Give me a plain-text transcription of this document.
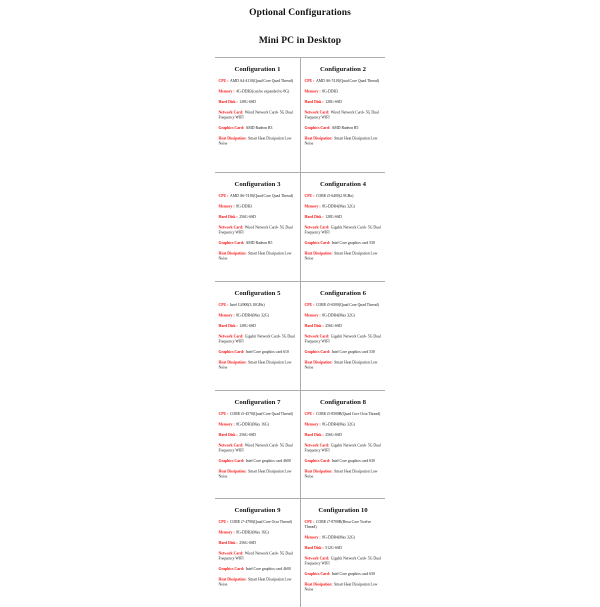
Optional Configurations
Mini PC in Desktop
Configuration 1
CPU : AMD A4-4110(Quad Core Quad Thread)
Memory : 4G-DDR3(can be expanded to 8G)
Hard Disk : 128G-SSD
Network Card: Wired Network Card+ 5G Dual Frequency WIFI
Graphics Card: AMD Radeon R3
Heat Dissipation: Smart Heat Dissipation Low Noise
Configuration 2
CPU : AMD A6-7410(Quad Core Quad Thread)
Memory : 8G-DDR3
Hard Disk : 128G-SSD
Network Card: Wired Network Card+ 5G Dual Frequency WIFI
Graphics Card: AMD Radeon R5
Heat Dissipation: Smart Heat Dissipation Low Noise
Configuration 3
CPU : AMD A6-7410(Quad Core Quad Thread)
Memory : 8G-DDR3
Hard Disk : 256G-SSD
Network Card: Wired Network Card+ 5G Dual Frequency WIFI
Graphics Card: AMD Radeon R5
Heat Dissipation: Smart Heat Dissipation Low Noise
Configuration 4
CPU : CORE i5-6400(2.9GHz)
Memory : 8G-DDR4(Max 32G)
Hard Disk : 128G-SSD
Network Card: Gigabit Network Card+ 5G Dual Frequency WIFI
Graphics Card: Intel Core graphics card 530
Heat Dissipation: Smart Heat Dissipation Low Noise
Configuration 5
CPU : Intel G4900(3.10GHz)
Memory : 8G-DDR4(Max 32G)
Hard Disk : 128G-SSD
Network Card: Gigabit Network Card+ 5G Dual Frequency WIFI
Graphics Card: Intel Core graphics card 610
Heat Dissipation: Smart Heat Dissipation Low Noise
Configuration 6
CPU : CORE i5-6500(Quad Core Quad Thread)
Memory : 8G-DDR4(Max 32G)
Hard Disk : 256G-SSD
Network Card: Gigabit Network Card+ 5G Dual Frequency WIFI
Graphics Card: Intel Core graphics card 530
Heat Dissipation: Smart Heat Dissipation Low Noise
Configuration 7
CPU : CORE i5-4570(Quad Core Quad Thread)
Memory : 8G-DDR3(Max 16G)
Hard Disk : 256G-SSD
Network Card: Wired Network Card+ 5G Dual Frequency WIFI
Graphics Card: Intel Core graphics card 4600
Heat Dissipation: Smart Heat Dissipation Low Noise
Configuration 8
CPU : CORE i5-8500B(Quad Core Octa Thread)
Memory : 8G-DDR4(Max 32G)
Hard Disk : 256G-SSD
Network Card: Gigabit Network Card+ 5G Dual Frequency WIFI
Graphics Card: Intel Core graphics card 630
Heat Dissipation: Smart Heat Dissipation Low Noise
Configuration 9
CPU : CORE i7-4790(Quad Core Octa Thread)
Memory : 8G-DDR3(Max 16G)
Hard Disk : 256G-SSD
Network Card: Wired Network Card+ 5G Dual Frequency WIFI
Graphics Card: Intel Core graphics card 4600
Heat Dissipation: Smart Heat Dissipation Low Noise
Configuration 10
CPU : CORE i7-8700B(Hexa Core Twelve Thread)
Memory : 8G-DDR4(Max 32G)
Hard Disk : 512G-SSD
Network Card: Gigabit Network Card+ 5G Dual Frequency WIFI
Graphics Card: Intel Core graphics card 630
Heat Dissipation: Smart Heat Dissipation Low Noise
